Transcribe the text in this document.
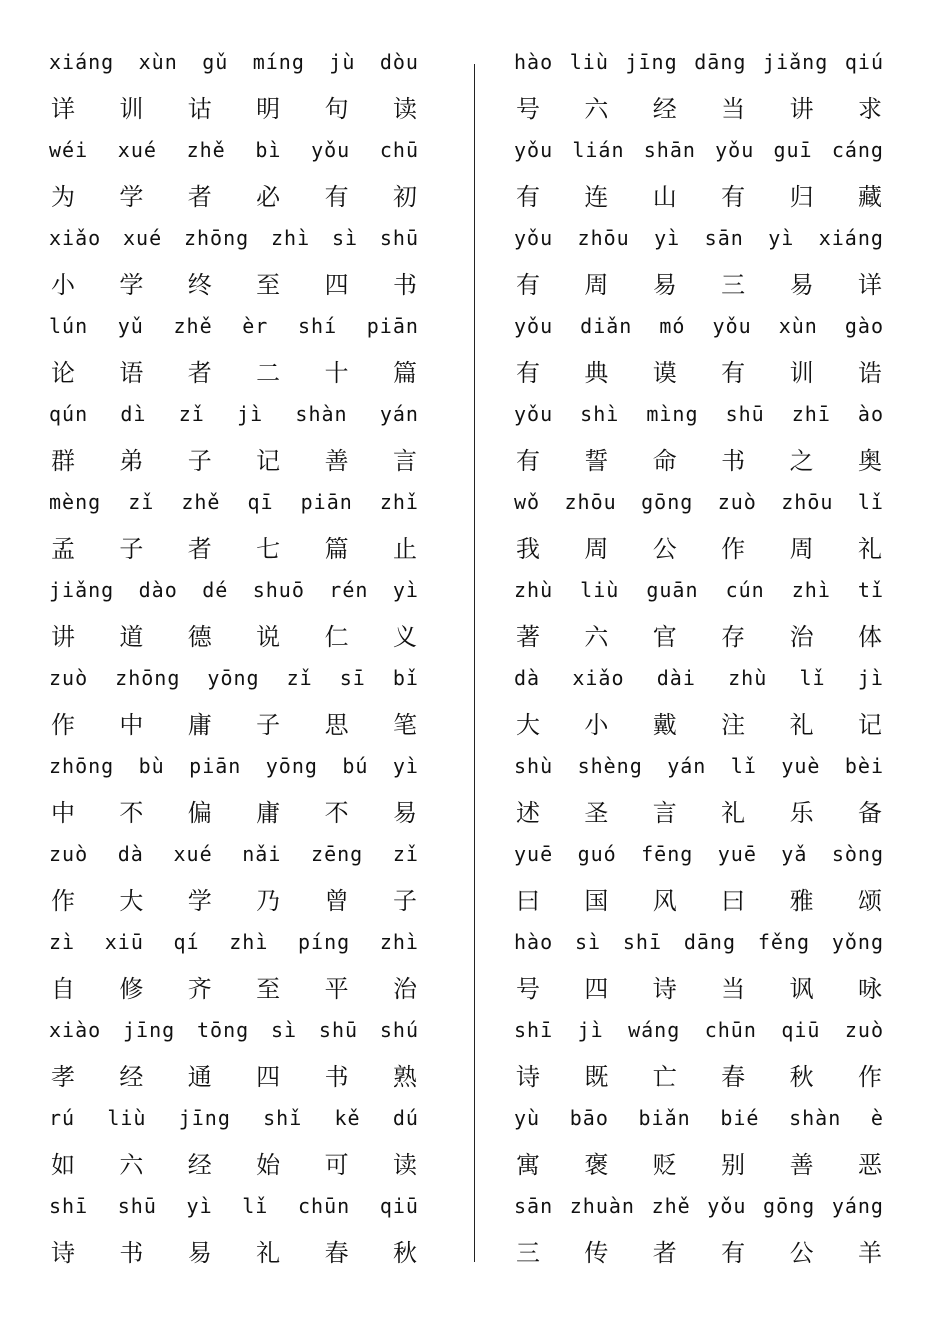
xiáng xùn gǔ míng jù dòu
详 训 诂 明 句 读
wéi xué zhě bì yǒu chū
为 学 者 必 有 初
xiǎo xué zhōng zhì sì shū
小 学 终 至 四 书
lún yǔ zhě èr shí piān
论 语 者 二 十 篇
qún dì zǐ jì shàn yán
群 弟 子 记 善 言
mèng zǐ zhě qī piān zhǐ
孟 子 者 七 篇 止
jiǎng dào dé shuō rén yì
讲 道 德 说 仁 义
zuò zhōng yōng zǐ sī bǐ
作 中 庸 子 思 笔
zhōng bù piān yōng bú yì
中 不 偏 庸 不 易
zuò dà xué nǎi zēng zǐ
作 大 学 乃 曾 子
zì xiū qí zhì píng zhì
自 修 齐 至 平 治
xiào jīng tōng sì shū shú
孝 经 通 四 书 熟
rú liù jīng shǐ kě dú
如 六 经 始 可 读
shī shū yì lǐ chūn qiū
诗 书 易 礼 春 秋
hào liù jīng dāng jiǎng qiú
号 六 经 当 讲 求
yǒu lián shān yǒu guī cáng
有 连 山 有 归 藏
yǒu zhōu yì sān yì xiáng
有 周 易 三 易 详
yǒu diǎn mó yǒu xùn gào
有 典 谟 有 训 诰
yǒu shì mìng shū zhī ào
有 誓 命 书 之 奥
wǒ zhōu gōng zuò zhōu lǐ
我 周 公 作 周 礼
zhù liù guān cún zhì tǐ
著 六 官 存 治 体
dà xiǎo dài zhù lǐ jì
大 小 戴 注 礼 记
shù shèng yán lǐ yuè bèi
述 圣 言 礼 乐 备
yuē guó fēng yuē yǎ sòng
曰 国 风 曰 雅 颂
hào sì shī dāng fěng yǒng
号 四 诗 当 讽 咏
shī jì wáng chūn qiū zuò
诗 既 亡 春 秋 作
yù bāo biǎn bié shàn è
寓 褒 贬 别 善 恶
sān zhuàn zhě yǒu gōng yáng
三 传 者 有 公 羊
